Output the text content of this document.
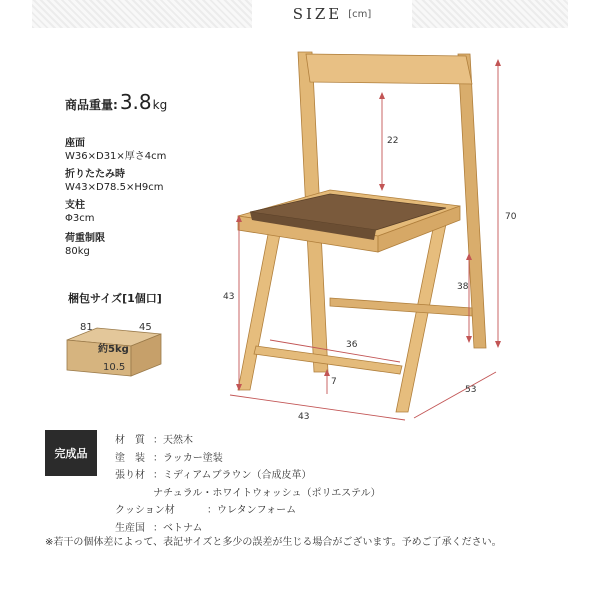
SIZE [cm]
商品重量: 3.8 kg
座面
W36×D31×厚さ4cm
折りたたみ時
W43×D78.5×H9cm
支柱
Φ3cm
荷重制限
80kg
梱包サイズ[1個口]
81	45
約5kg
10.5
22
70
43
38
36
7
53
43
完成品
材　質 ：天然木
塗　装 ：ラッカー塗装
張り材 ：ミディアムブラウン（合成皮革）
ナチュラル・ホワイトウォッシュ（ポリエステル）
クッション材	：ウレタンフォーム
生産国 ：ベトナム
※若干の個体差によって、表記サイズと多少の誤差が生じる場合がございます。予めご了承ください。
